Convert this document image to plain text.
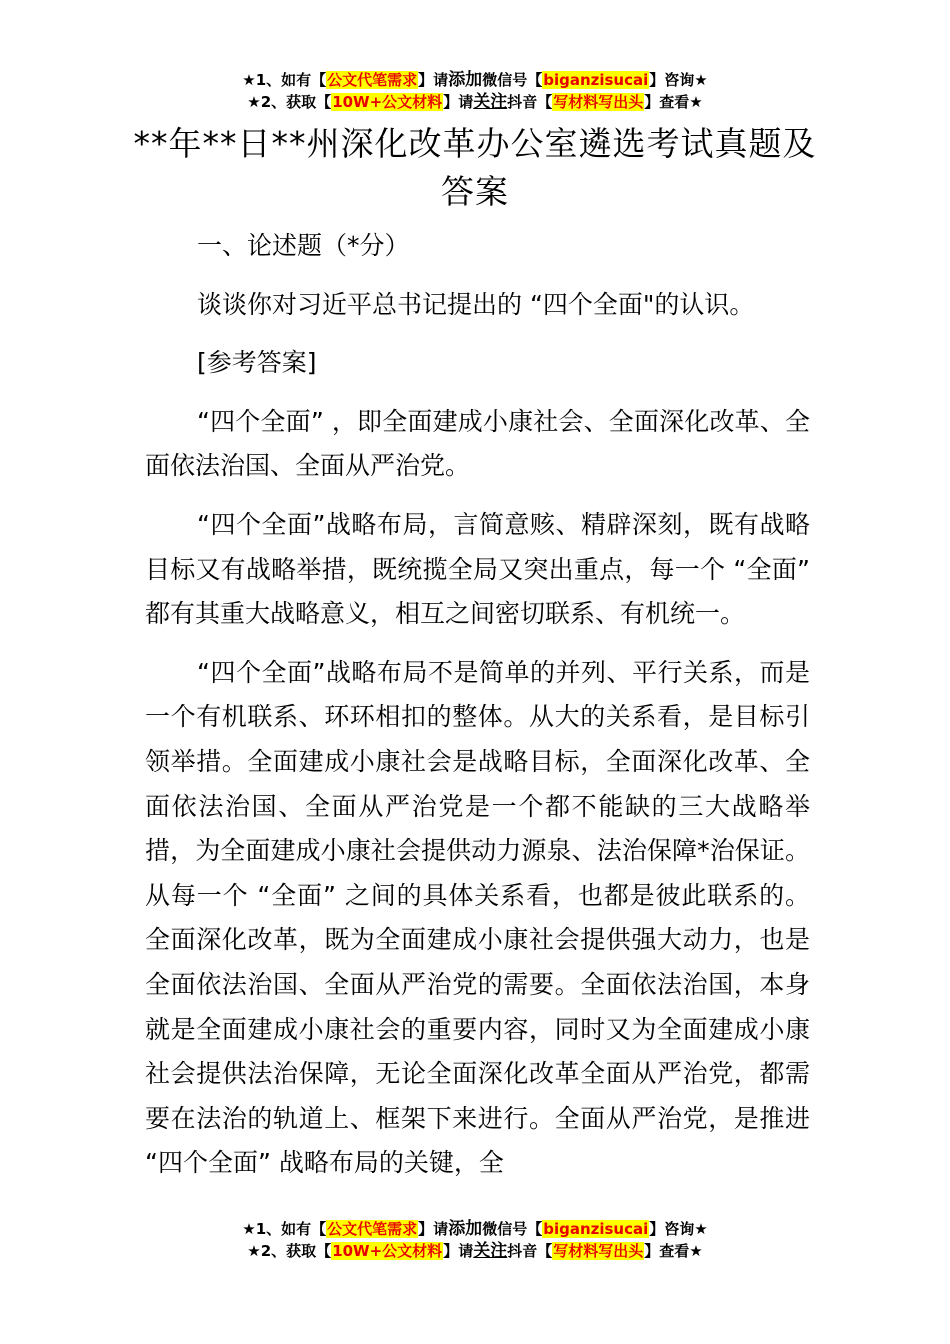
★1、如有【公文代笔需求】请添加微信号【biganzisucai】咨询★
★2、获取【10W+公文材料】请关注抖音【写材料写出头】查看★
**年**日**州深化改革办公室遴选考试真题及答案

一、论述题（*分）

谈谈你对习近平总书记提出的 “四个全面"的认识。

[参考答案]

“四个全面” ，即全面建成小康社会、全面深化改革、全面依法治国、全面从严治党。

“四个全面”战略布局，言简意赅、精辟深刻，既有战略目标又有战略举措，既统揽全局又突出重点，每一个 “全面” 都有其重大战略意义，相互之间密切联系、有机统一。

“四个全面”战略布局不是简单的并列、平行关系，而是一个有机联系、环环相扣的整体。从大的关系看，是目标引领举措。全面建成小康社会是战略目标，全面深化改革、全面依法治国、全面从严治党是一个都不能缺的三大战略举措，为全面建成小康社会提供动力源泉、法治保障*治保证。从每一个 “全面” 之间的具体关系看，也都是彼此联系的。全面深化改革，既为全面建成小康社会提供强大动力，也是全面依法治国、全面从严治党的需要。全面依法治国，本身就是全面建成小康社会的重要内容，同时又为全面建成小康社会提供法治保障，无论全面深化改革全面从严治党，都需要在法治的轨道上、框架下来进行。全面从严治党，是推进 “四个全面” 战略布局的关键，全

★1、如有【公文代笔需求】请添加微信号【biganzisucai】咨询★
★2、获取【10W+公文材料】请关注抖音【写材料写出头】查看★
